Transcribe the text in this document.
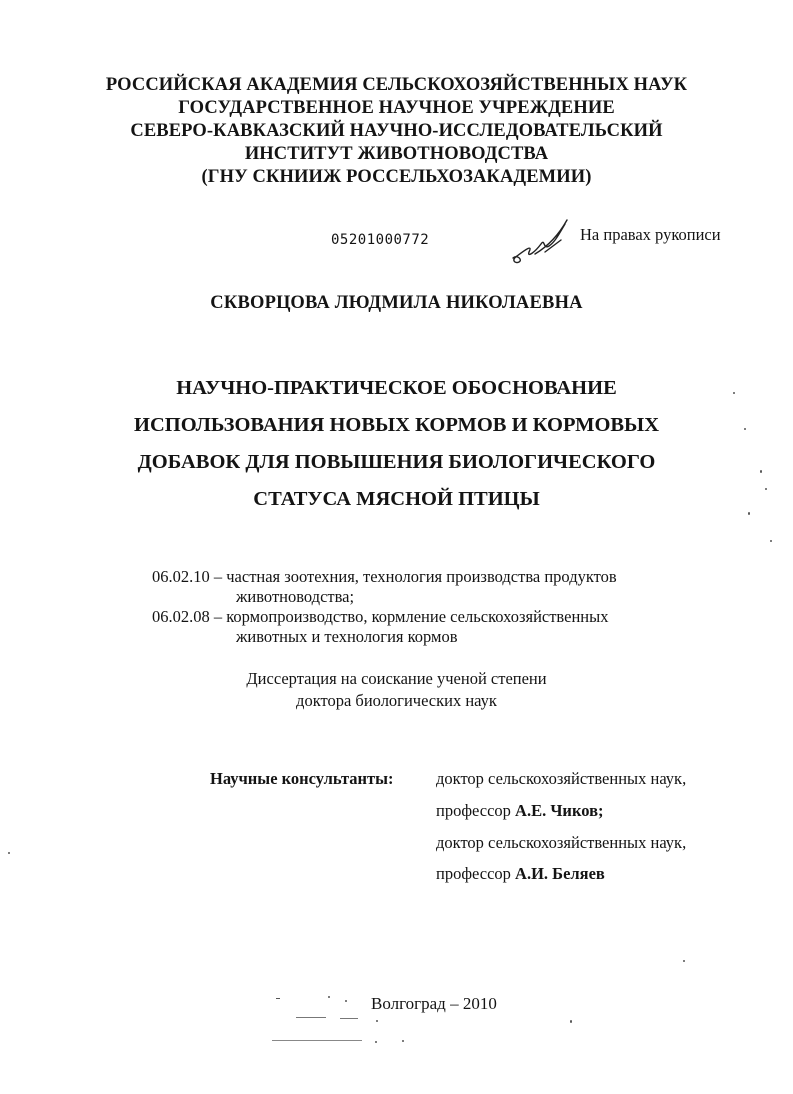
РОССИЙСКАЯ АКАДЕМИЯ СЕЛЬСКОХОЗЯЙСТВЕННЫХ НАУК
ГОСУДАРСТВЕННОЕ НАУЧНОЕ УЧРЕЖДЕНИЕ
СЕВЕРО-КАВКАЗСКИЙ НАУЧНО-ИССЛЕДОВАТЕЛЬСКИЙ
ИНСТИТУТ ЖИВОТНОВОДСТВА
(ГНУ СКНИИЖ РОССЕЛЬХОЗАКАДЕМИИ)
05201000772	На правах рукописи
СКВОРЦОВА ЛЮДМИЛА НИКОЛАЕВНА
НАУЧНО-ПРАКТИЧЕСКОЕ ОБОСНОВАНИЕ
ИСПОЛЬЗОВАНИЯ НОВЫХ КОРМОВ И КОРМОВЫХ
ДОБАВОК ДЛЯ ПОВЫШЕНИЯ БИОЛОГИЧЕСКОГО
СТАТУСА МЯСНОЙ ПТИЦЫ
06.02.10 – частная зоотехния, технология производства продуктов
животноводства;
06.02.08 – кормопроизводство, кормление сельскохозяйственных
животных и технология кормов
Диссертация на соискание ученой степени
доктора биологических наук
Научные консультанты:	доктор сельскохозяйственных наук,
профессор А.Е. Чиков;
доктор сельскохозяйственных наук,
профессор А.И. Беляев
Волгоград – 2010
